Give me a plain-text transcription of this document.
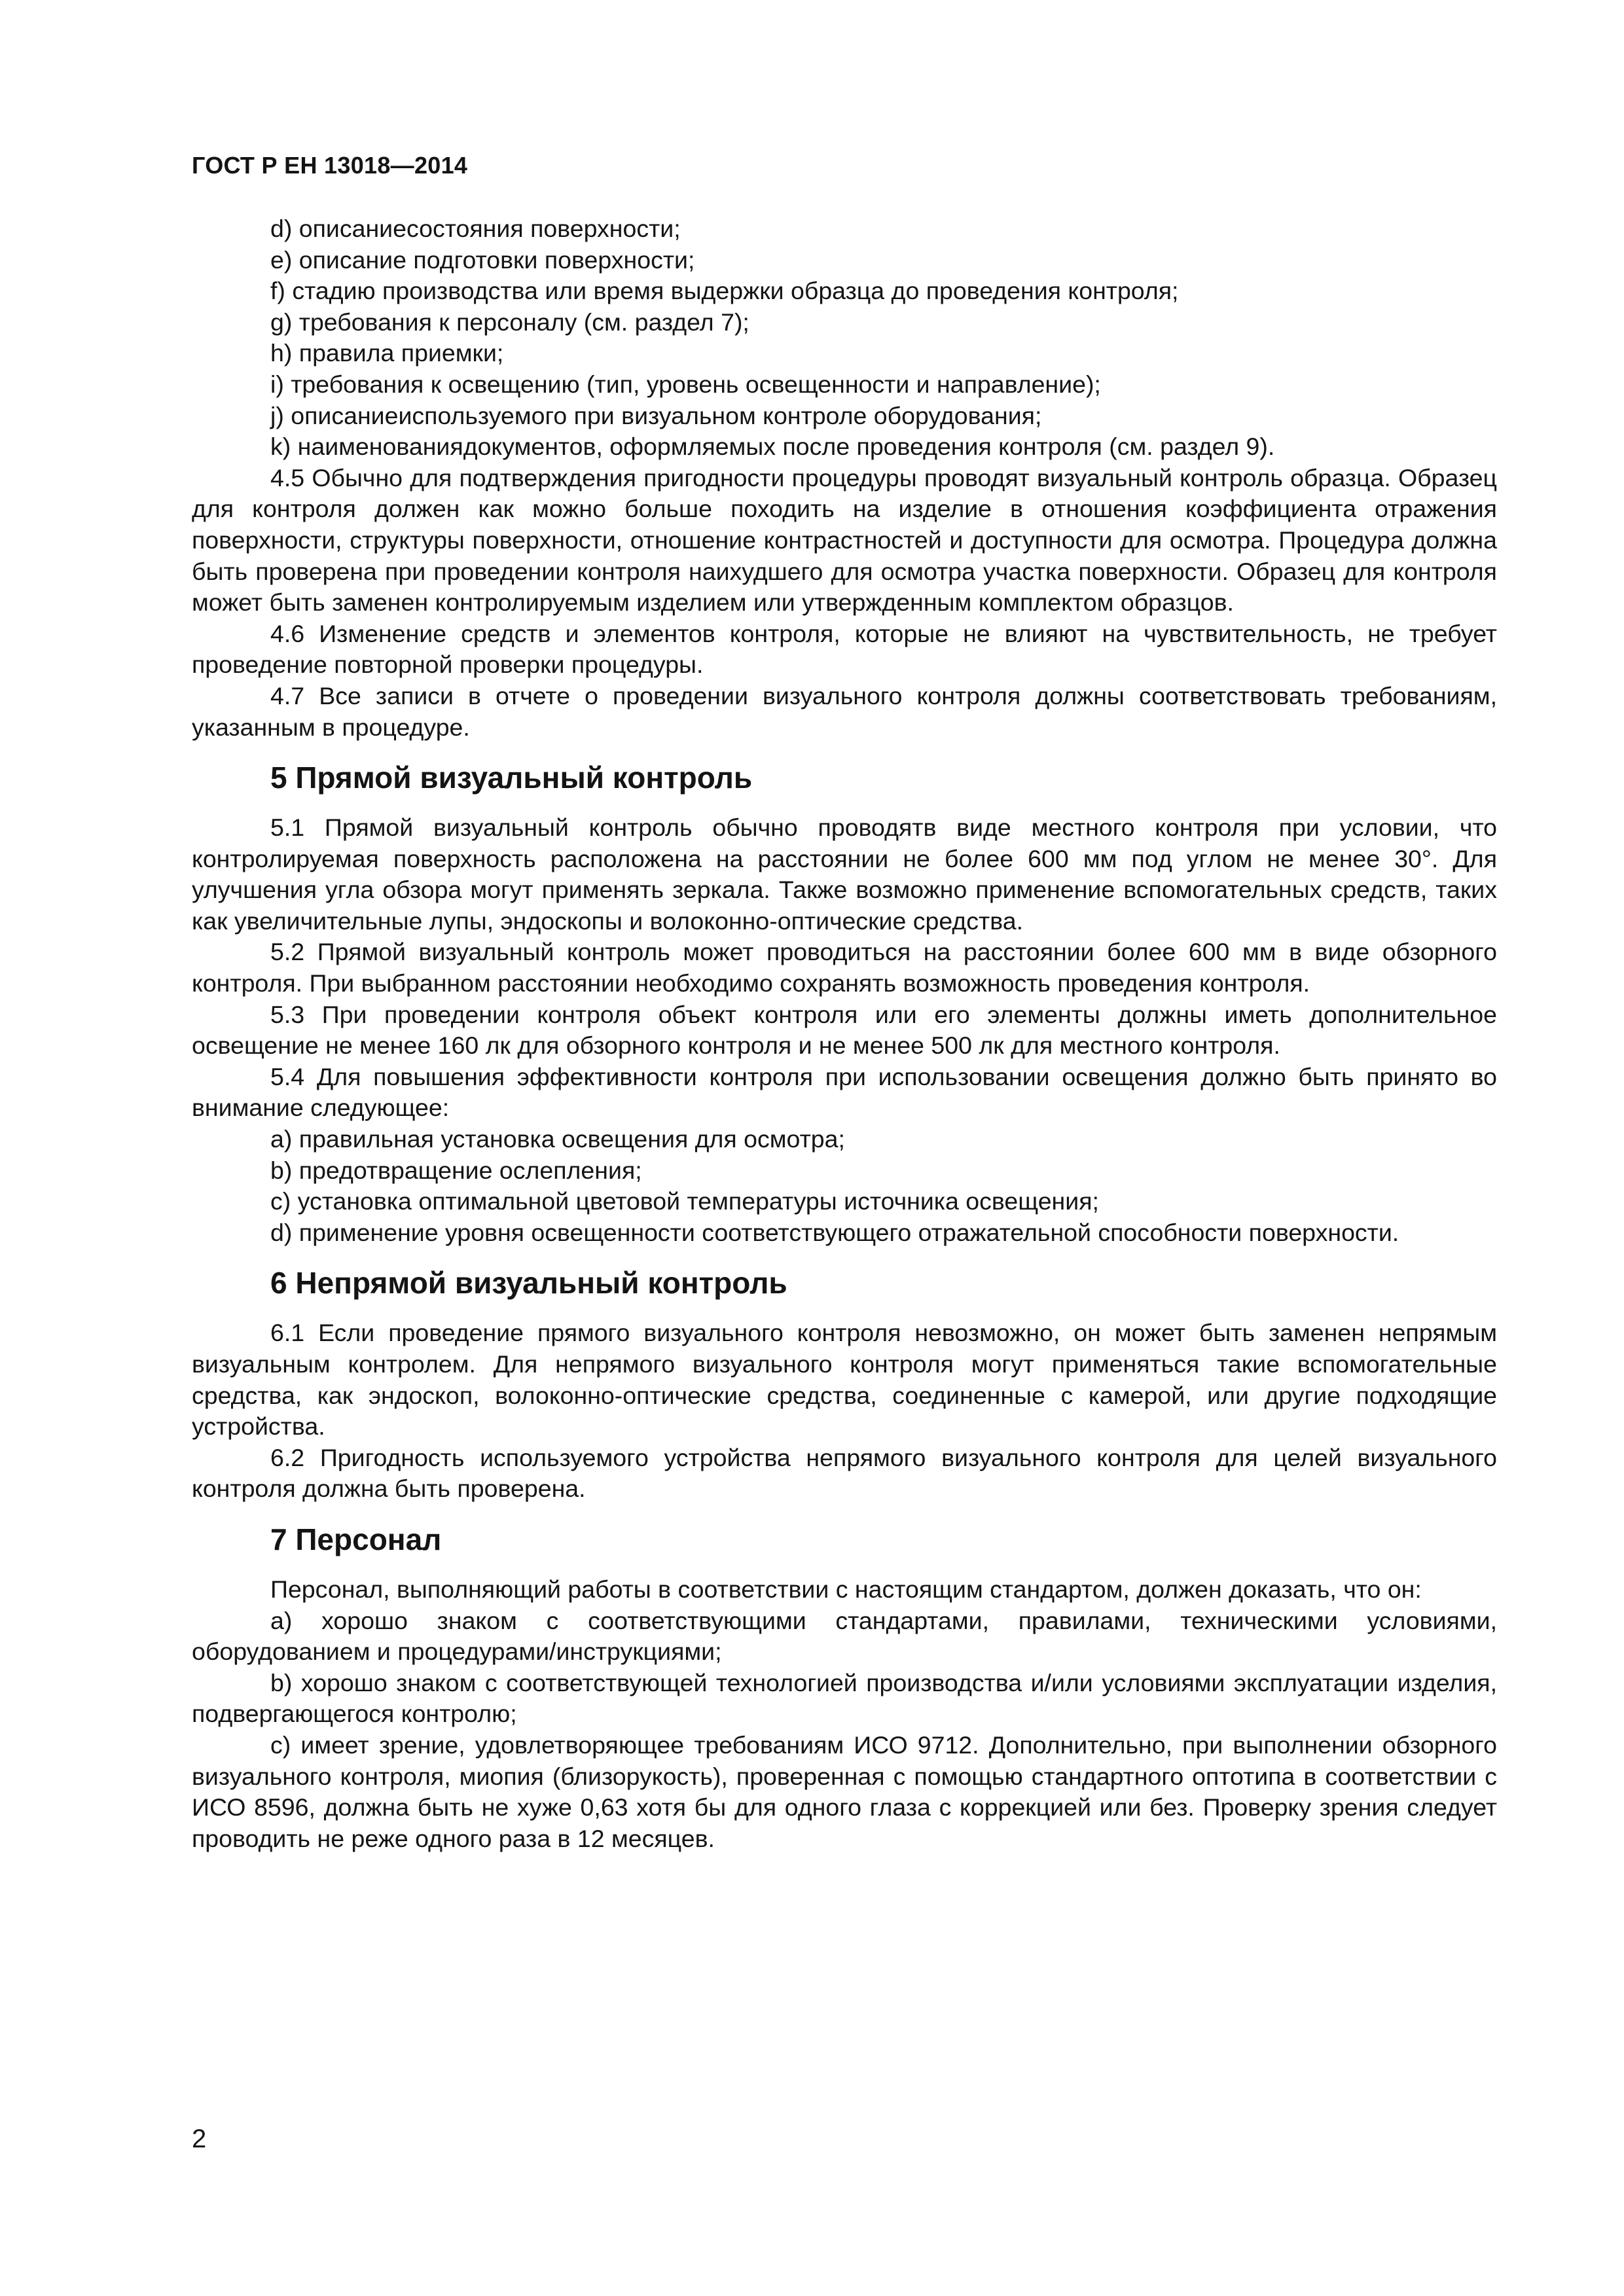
ГОСТ Р ЕН 13018—2014
d) описаниесостояния поверхности;
e) описание подготовки поверхности;
f) стадию производства или время выдержки образца до проведения контроля;
g) требования к персоналу (см. раздел 7);
h) правила приемки;
i) требования к освещению (тип, уровень освещенности и направление);
j) описаниеиспользуемого при визуальном контроле оборудования;
k) наименованиядокументов, оформляемых после проведения контроля (см. раздел 9).

4.5 Обычно для подтверждения пригодности процедуры проводят визуальный контроль образца. Образец для контроля должен как можно больше походить на изделие в отношения коэффициента отражения поверхности, структуры поверхности, отношение контрастностей и доступности для осмотра. Процедура должна быть проверена при проведении контроля наихудшего для осмотра участка поверхности. Образец для контроля может быть заменен контролируемым изделием или утвержденным комплектом образцов.

4.6 Изменение средств и элементов контроля, которые не влияют на чувствительность, не требует проведение повторной проверки процедуры.

4.7 Все записи в отчете о проведении визуального контроля должны соответствовать требованиям, указанным в процедуре.

5 Прямой визуальный контроль

5.1 Прямой визуальный контроль обычно проводятв виде местного контроля при условии, что контролируемая поверхность расположена на расстоянии не более 600 мм под углом не менее 30°. Для улучшения угла обзора могут применять зеркала. Также возможно применение вспомогательных средств, таких как увеличительные лупы, эндоскопы и волоконно-оптические средства.

5.2 Прямой визуальный контроль может проводиться на расстоянии более 600 мм в виде обзорного контроля. При выбранном расстоянии необходимо сохранять возможность проведения контроля.

5.3 При проведении контроля объект контроля или его элементы должны иметь дополнительное освещение не менее 160 лк для обзорного контроля и не менее 500 лк для местного контроля.

5.4 Для повышения эффективности контроля при использовании освещения должно быть принято во внимание следующее:

a) правильная установка освещения для осмотра;
b) предотвращение ослепления;
c) установка оптимальной цветовой температуры источника освещения;

d) применение уровня освещенности соответствующего отражательной способности поверхности.

6 Непрямой визуальный контроль

6.1 Если проведение прямого визуального контроля невозможно, он может быть заменен непрямым визуальным контролем. Для непрямого визуального контроля могут применяться такие вспомогательные средства, как эндоскоп, волоконно-оптические средства, соединенные с камерой, или другие подходящие устройства.

6.2 Пригодность используемого устройства непрямого визуального контроля для целей визуального контроля должна быть проверена.

7 Персонал

Персонал, выполняющий работы в соответствии с настоящим стандартом, должен доказать, что он:

a) хорошо знаком с соответствующими стандартами, правилами, техническими условиями, оборудованием и процедурами/инструкциями;

b) хорошо знаком с соответствующей технологией производства и/или условиями эксплуатации изделия, подвергающегося контролю;

c) имеет зрение, удовлетворяющее требованиям ИСО 9712. Дополнительно, при выполнении обзорного визуального контроля, миопия (близорукость), проверенная с помощью стандартного оптотипа в соответствии с ИСО 8596, должна быть не хуже 0,63 хотя бы для одного глаза с коррекцией или без. Проверку зрения следует проводить не реже одного раза в 12 месяцев.

2
